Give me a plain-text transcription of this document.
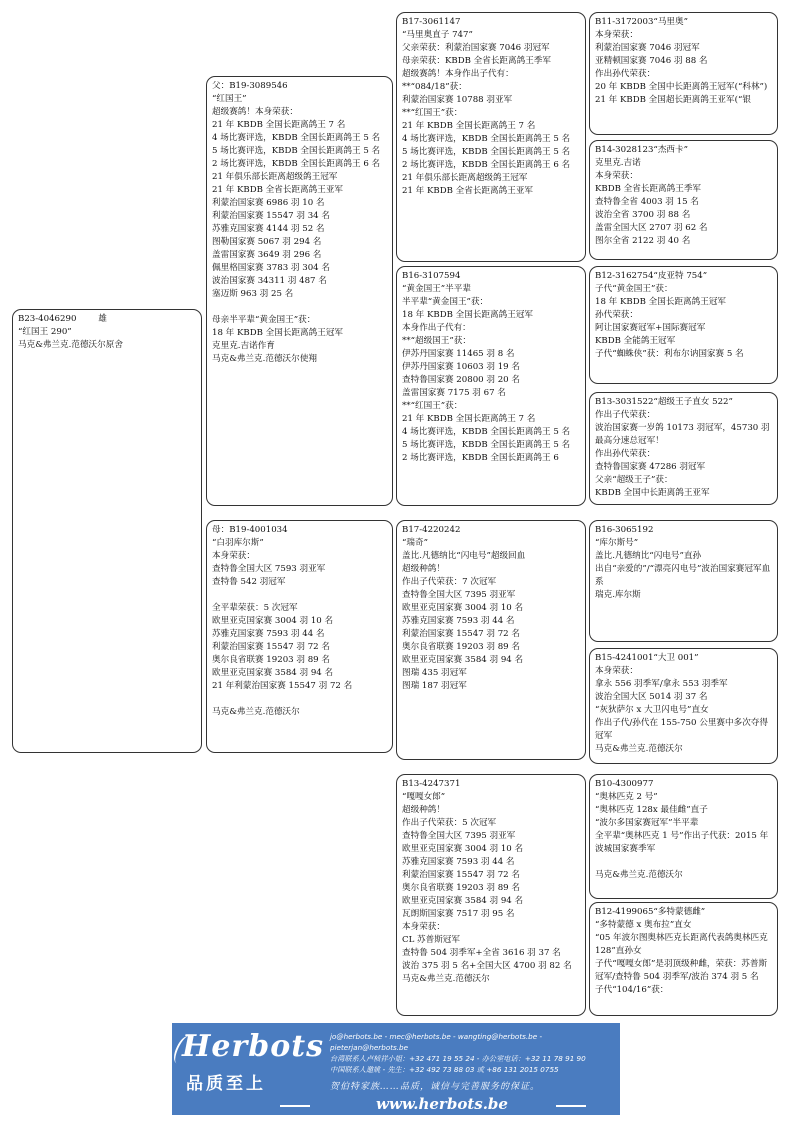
B23-4046290        雄
“红国王 290”
马克&弗兰克.范德沃尔原舍
父：B19-3089546
“红国王”
超级赛鸽！本身荣获：
21 年 KBDB 全国长距离鸽王 7 名
4 场比赛评选，KBDB 全国长距离鸽王 5 名
5 场比赛评选，KBDB 全国长距离鸽王 5 名
2 场比赛评选，KBDB 全国长距离鸽王 6 名
21 年俱乐部长距离超级鸽王冠军
21 年 KBDB 全省长距离鸽王亚军
利蒙治国家赛 6986 羽 10 名
利蒙治国家赛 15547 羽 34 名
苏雅克国家赛 4144 羽 52 名
图勒国家赛 5067 羽 294 名
盖雷国家赛 3649 羽 296 名
佩里格国家赛 3783 羽 304 名
波治国家赛 34311 羽 487 名
塞迈斯 963 羽 25 名

母亲半平辈“黄金国王”获：
18 年 KBDB 全国长距离鸽王冠军
克里克.吉诺作育
马克&弗兰克.范德沃尔使翔
母：B19-4001034
“白羽库尔斯”
本身荣获：
查特鲁全国大区 7593 羽亚军
查特鲁 542 羽冠军

全平辈荣获：5 次冠军
欧里亚克国家赛 3004 羽 10 名
苏雅克国家赛 7593 羽 44 名
利蒙治国家赛 15547 羽 72 名
奥尔良省联赛 19203 羽 89 名
欧里亚克国家赛 3584 羽 94 名
21 年利蒙治国家赛 15547 羽 72 名

马克&弗兰克.范德沃尔
B17-3061147
“马里奥直子 747”
父亲荣获：利蒙治国家赛 7046 羽冠军
母亲荣获：KBDB 全省长距离鸽王季军
超级赛鸽！本身作出子代有：
**“084/18”获：
利蒙治国家赛 10788 羽亚军
**“红国王”获：
21 年 KBDB 全国长距离鸽王 7 名
4 场比赛评选，KBDB 全国长距离鸽王 5 名
5 场比赛评选，KBDB 全国长距离鸽王 5 名
2 场比赛评选，KBDB 全国长距离鸽王 6 名
21 年俱乐部长距离超级鸽王冠军
21 年 KBDB 全省长距离鸽王亚军
B16-3107594
“黄金国王”半平辈
半平辈“黄金国王”获：
18 年 KBDB 全国长距离鸽王冠军
本身作出子代有：
**“超级国王”获：
伊苏丹国家赛 11465 羽 8 名
伊苏丹国家赛 10603 羽 19 名
查特鲁国家赛 20800 羽 20 名
盖雷国家赛 7175 羽 67 名
**“红国王”获：
21 年 KBDB 全国长距离鸽王 7 名
4 场比赛评选，KBDB 全国长距离鸽王 5 名
5 场比赛评选，KBDB 全国长距离鸽王 5 名
2 场比赛评选，KBDB 全国长距离鸽王 6
B17-4220242
“瑞奇”
盖比.凡德纳比“闪电号”超级回血
超级种鸽！
作出子代荣获：7 次冠军
查特鲁全国大区 7395 羽亚军
欧里亚克国家赛 3004 羽 10 名
苏雅克国家赛 7593 羽 44 名
利蒙治国家赛 15547 羽 72 名
奥尔良省联赛 19203 羽 89 名
欧里亚克国家赛 3584 羽 94 名
图瑞 435 羽冠军
图瑞 187 羽冠军
B13-4247371
“嘎嘎女郎”
超级种鸽！
作出子代荣获：5 次冠军
查特鲁全国大区 7395 羽亚军
欧里亚克国家赛 3004 羽 10 名
苏雅克国家赛 7593 羽 44 名
利蒙治国家赛 15547 羽 72 名
奥尔良省联赛 19203 羽 89 名
欧里亚克国家赛 3584 羽 94 名
瓦朗斯国家赛 7517 羽 95 名
本身荣获：
CL 苏普斯冠军
查特鲁 504 羽季军+全省 3616 羽 37 名
波治 375 羽 5 名+全国大区 4700 羽 82 名
马克&弗兰克.范德沃尔
B11-3172003“马里奥”
本身荣获：
利蒙治国家赛 7046 羽冠军
亚精顿国家赛 7046 羽 88 名
作出孙代荣获：
20 年 KBDB 全国中长距离鸽王冠军(“科林”)
21 年 KBDB 全国超长距离鸽王亚军(“银
B14-3028123“杰西卡”
克里克.吉诺
本身荣获：
KBDB 全省长距离鸽王季军
查特鲁全省 4003 羽 15 名
波治全省 3700 羽 88 名
盖雷全国大区 2707 羽 62 名
图尔全省 2122 羽 40 名
B12-3162754“皮亚特 754”
子代“黄金国王”获：
18 年 KBDB 全国长距离鸽王冠军
孙代荣获：
阿让国家赛冠军+国际赛冠军
KBDB 全能鸽王冠军
子代“蜘蛛侠”获：利布尔讷国家赛 5 名
B13-3031522“超级王子直女 522”
作出子代荣获：
波治国家赛一岁鸽 10173 羽冠军，45730 羽最高分速总冠军！
作出孙代荣获：
查特鲁国家赛 47286 羽冠军
父亲“超级王子”获：
KBDB 全国中长距离鸽王亚军
B16-3065192
“库尔斯号”
盖比.凡德纳比“闪电号”直孙
出自“亲爱的”/“漂亮闪电号”波治国家赛冠军血系
瑞克.库尔斯
B15-4241001“大卫 001”
本身荣获：
拿永 556 羽季军/拿永 553 羽季军
波治全国大区 5014 羽 37 名
“灰狄萨尔 x 大卫闪电号”直女
作出子代/孙代在 155-750 公里赛中多次夺得冠军
马克&弗兰克.范德沃尔
B10-4300977
“奥林匹克 2 号”
“奥林匹克 128x 最佳雌”直子
“波尔多国家赛冠军”半平辈
全平辈“奥林匹克 1 号”作出子代获：2015 年波城国家赛季军

马克&弗兰克.范德沃尔
B12-4199065“多特蒙德雌”
“多特蒙德 x 奥布拉”直女
“05 年波尔图奥林匹克长距离代表鸽奥林匹克 128”直孙女
子代“嘎嘎女郎”是羽顶级种雌，荣获：苏普斯冠军/查特鲁 504 羽季军/波治 374 羽 5 名
子代“104/16”获：
Herbots
品质至上
jo@herbots.be - mec@herbots.be - wangting@herbots.be - pieterjan@herbots.be
台湾联系人卢桢祥小姐：+32 471 19 55 24 - 办公室电话：+32 11 78 91 90
中国联系人邀姚 - 先生：+32 492 73 88 03 或 +86 131 2015 0755
贺伯特家族……品质，诚信与完善服务的保证。
www.herbots.be
